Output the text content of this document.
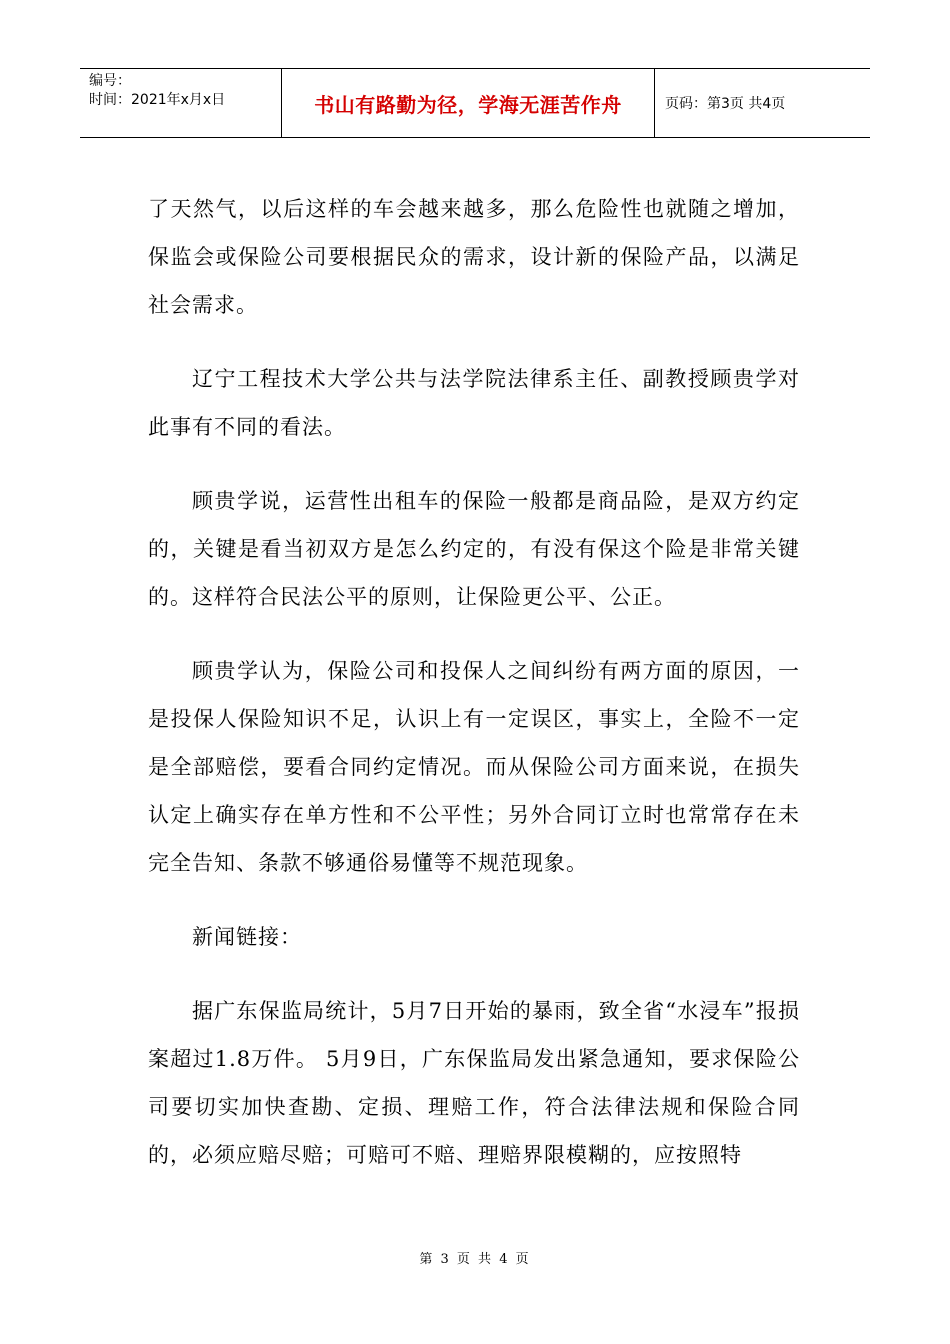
编号：
时间：2021年x月x日	书山有路勤为径，学海无涯苦作舟	页码：第3页 共4页

了天然气，以后这样的车会越来越多，那么危险性也就随之增加，保监会或保险公司要根据民众的需求，设计新的保险产品，以满足社会需求。

辽宁工程技术大学公共与法学院法律系主任、副教授顾贵学对此事有不同的看法。

顾贵学说，运营性出租车的保险一般都是商品险，是双方约定的，关键是看当初双方是怎么约定的，有没有保这个险是非常关键的。这样符合民法公平的原则，让保险更公平、公正。

顾贵学认为，保险公司和投保人之间纠纷有两方面的原因，一是投保人保险知识不足，认识上有一定误区，事实上，全险不一定是全部赔偿，要看合同约定情况。而从保险公司方面来说，在损失认定上确实存在单方性和不公平性；另外合同订立时也常常存在未完全告知、条款不够通俗易懂等不规范现象。

新闻链接：

据广东保监局统计，5月7日开始的暴雨，致全省“水浸车”报损案超过1.8万件。 5月9日，广东保监局发出紧急通知，要求保险公司要切实加快查勘、定损、理赔工作，符合法律法规和保险合同的，必须应赔尽赔；可赔可不赔、理赔界限模糊的，应按照特

第 3 页 共 4 页
